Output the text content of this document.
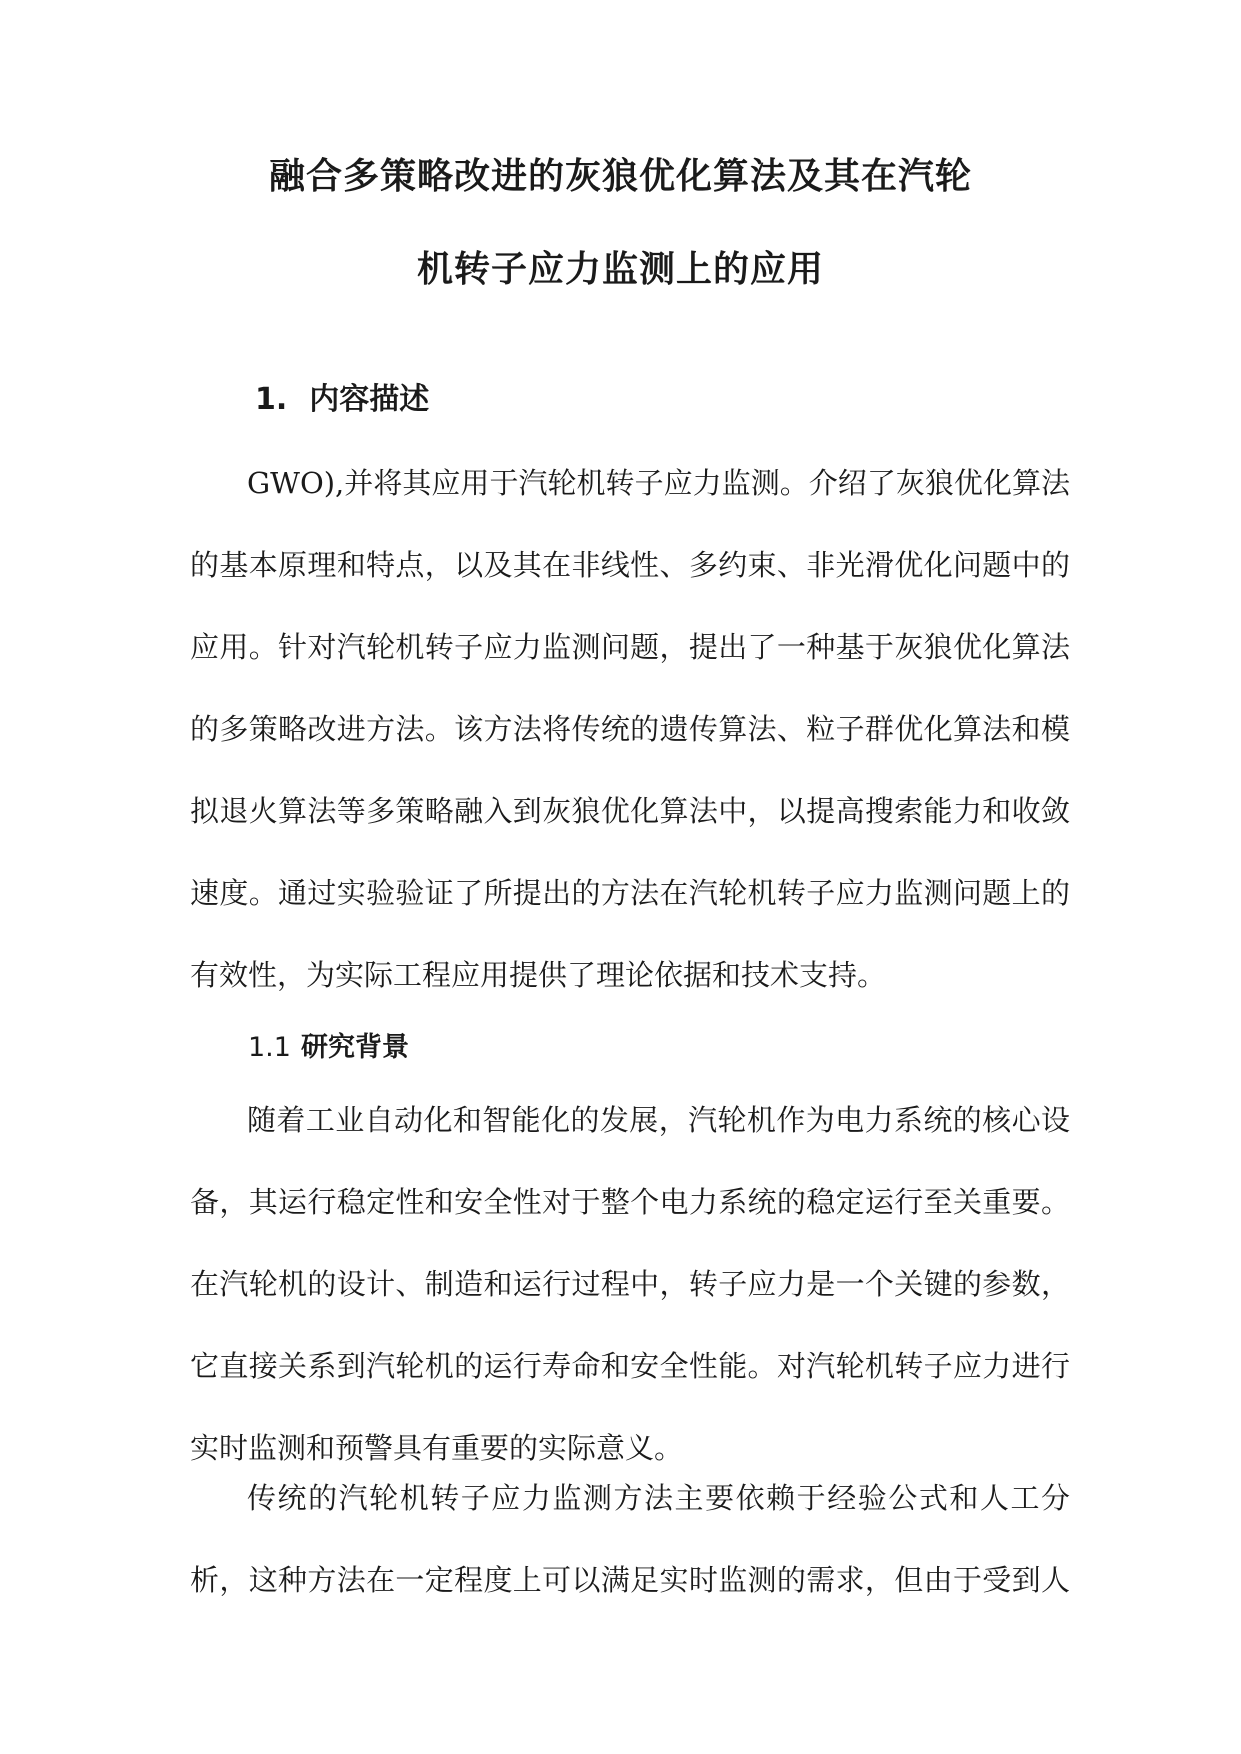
融合多策略改进的灰狼优化算法及其在汽轮
机转子应力监测上的应用
1. 内容描述
GWO),并将其应用于汽轮机转子应力监测。介绍了灰狼优化算法
的基本原理和特点，以及其在非线性、多约束、非光滑优化问题中的
应用。针对汽轮机转子应力监测问题，提出了一种基于灰狼优化算法
的多策略改进方法。该方法将传统的遗传算法、粒子群优化算法和模
拟退火算法等多策略融入到灰狼优化算法中，以提高搜索能力和收敛
速度。通过实验验证了所提出的方法在汽轮机转子应力监测问题上的
有效性，为实际工程应用提供了理论依据和技术支持。
1.1 研究背景
随着工业自动化和智能化的发展，汽轮机作为电力系统的核心设
备，其运行稳定性和安全性对于整个电力系统的稳定运行至关重要。
在汽轮机的设计、制造和运行过程中，转子应力是一个关键的参数，
它直接关系到汽轮机的运行寿命和安全性能。对汽轮机转子应力进行
实时监测和预警具有重要的实际意义。
传统的汽轮机转子应力监测方法主要依赖于经验公式和人工分
析，这种方法在一定程度上可以满足实时监测的需求，但由于受到人
